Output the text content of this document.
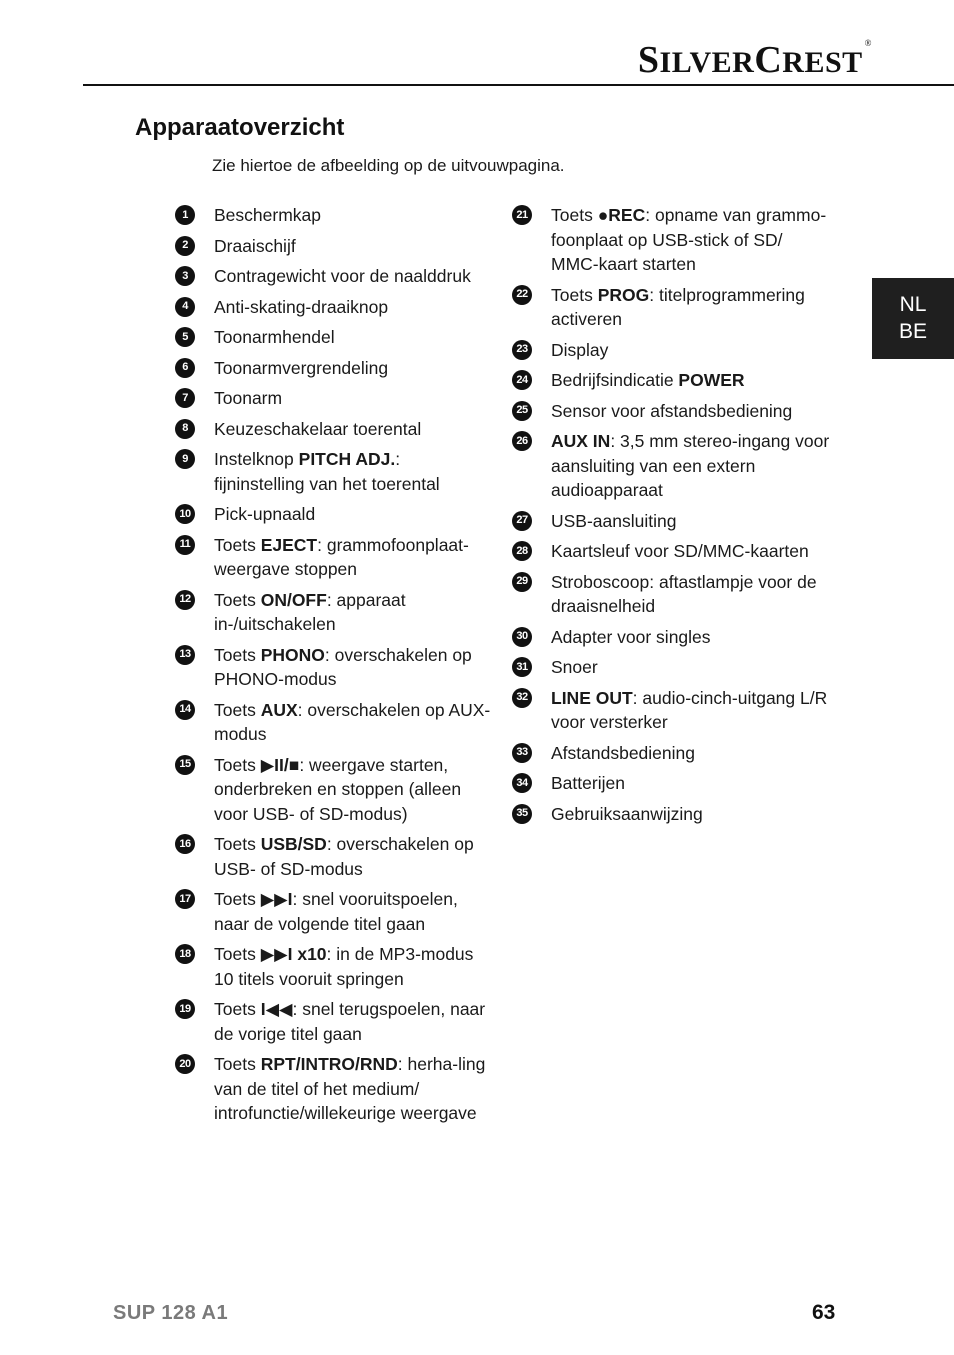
SILVERCREST®
NL
BE
Apparaatoverzicht
Zie hiertoe de afbeelding op de uitvouwpagina.
1	Beschermkap
2	Draaischijf
3	Contragewicht voor de naalddruk
4	Anti-skating-draaiknop
5	Toonarmhendel
6	Toonarmvergrendeling
7	Toonarm
8	Keuzeschakelaar toerental
9	Instelknop PITCH ADJ.: fijninstelling van het toerental
10 Pick-upnaald
11 Toets EJECT: grammofoonplaat-weergave stoppen
12 Toets ON/OFF: apparaat in-/uitschakelen
13 Toets PHONO: overschakelen op PHONO-modus
14 Toets AUX: overschakelen op AUX-modus
15 Toets ▶II/■: weergave starten, onderbreken en stoppen (alleen voor USB- of SD-modus)
16 Toets USB/SD: overschakelen op USB- of SD-modus
17 Toets ▶▶I: snel vooruitspoelen, naar de volgende titel gaan
18 Toets ▶▶I x10: in de MP3-modus 10 titels vooruit springen
19 Toets I◀◀: snel terugspoelen, naar de vorige titel gaan
20 Toets RPT/INTRO/RND: herha-ling van de titel of het medium/ introfunctie/willekeurige weergave
21 Toets ●REC: opname van grammo-foonplaat op USB-stick of SD/ MMC-kaart starten
22 Toets PROG: titelprogrammering activeren
23 Display
24 Bedrijfsindicatie POWER
25 Sensor voor afstandsbediening
26 AUX IN: 3,5 mm stereo-ingang voor aansluiting van een extern audioapparaat
27 USB-aansluiting
28 Kaartsleuf voor SD/MMC-kaarten
29 Stroboscoop: aftastlampje voor de draaisnelheid
30 Adapter voor singles
31 Snoer
32 LINE OUT: audio-cinch-uitgang L/R voor versterker
33 Afstandsbediening
34 Batterijen
35 Gebruiksaanwijzing
SUP 128 A1	63
